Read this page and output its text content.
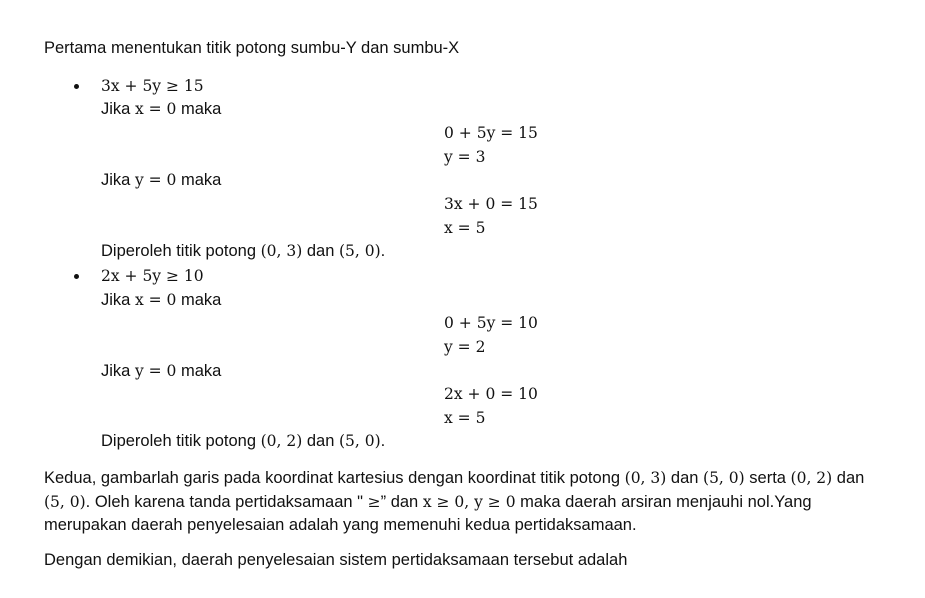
Pertama menentukan titik potong sumbu-Y dan sumbu-X
3x + 5y ≥ 15
Jika x = 0 maka
0 + 5y = 15
y = 3
Jika y = 0 maka
3x + 0 = 15
x = 5
Diperoleh titik potong (0, 3) dan (5, 0).
2x + 5y ≥ 10
Jika x = 0 maka
0 + 5y = 10
y = 2
Jika y = 0 maka
2x + 0 = 10
x = 5
Diperoleh titik potong (0, 2) dan (5, 0).
Kedua, gambarlah garis pada koordinat kartesius dengan koordinat titik potong (0, 3) dan (5, 0) serta (0, 2) dan (5, 0). Oleh karena tanda pertidaksamaan " ≥” dan x ≥ 0, y ≥ 0 maka daerah arsiran menjauhi nol.Yang merupakan daerah penyelesaian adalah yang memenuhi kedua pertidaksamaan.
Dengan demikian, daerah penyelesaian sistem pertidaksamaan tersebut adalah
